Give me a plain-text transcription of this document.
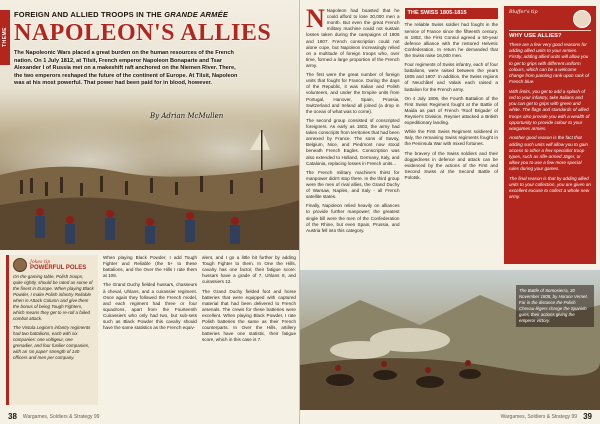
THEME
FOREIGN AND ALLIED TROOPS IN THE GRANDE ARMÉE
NAPOLEON'S ALLIES
The Napoleonic Wars placed a great burden on the human resources of the French nation. On 1 July 1812, at Tilsit, French emperor Napoleon Bonaparte and Tsar Alexander I of Russia met on a makeshift raft anchored on the Niemen River. There, the two emperors reshaped the future of the continent of Europe. At Tilsit, Napoleon was at his most powerful. That power had been paid for in blood, however.
By Adrian McMullen
Jokes tip
POWERFUL POLES

On the gaming table, Polish troops, quite rightly, should be rated as some of the finest in Europe. When playing Black Powder, I make Polish infantry Reliable when in Attack Column and give them the bonus of being Tough Fighters, which means they get to re-roll a failed combat attack.

The Vistula Legion's infantry regiments had two battalions, each with six companies: one voltigeur, one grenadier, and four fusilier companies, with an 'on paper' strength of 140 officers and men per company.

When playing Black Powder, I add Tough Fighter and Reliable (the 5+ to these battalions, and the Over the Hills I rate them at 108.

The Grand Duchy fielded hussars, chasseurs à cheval, Uhlans, and a cuirassier regiment. Once again they followed the French model, and each regiment had three or four squadrons, apart from the Fourteenth Cuirassiers who only had two, but sub-sets such as Black Powder this cavalry should have the same statistics as the French equiv-

alent, and I go a little bit further by adding Tough Fighter to them. In One the Hills, cavalry has one factor, their fatigue score: hussars have a grade of 7, Uhlans 8, and cuirassiers 12.

The Grand Duchy fielded foot and horse batteries that were equipped with captured material that had been delivered to French arsenals. The crews for these batteries were excellent. When playing Black Powder, I rate Polish batteries the same as their French counterparts. In Over the Hills, artillery batteries have one statistic, their fatigue score, which in this case is 7.

38 Wargames, Soldiers & Strategy 99

N Napoleon had boasted that he could afford to lose 30,000 men a month. But even the great French military machine could not sustain losses taken during the campaigns of 1806 and 1807. French conscription could not alone cope, but Napoleon increasingly relied on a multitude of foreign troops who, over time, formed a large proportion of the French army.

The first were the great number of foreign units that fought for France. During the days of the Republic, it was Italian and Polish volunteers, and under the Empire units from Portugal, Hanover, Spain, Prussia, Switzerland and Ireland all joined (a drop in the ocean of what was to come).

The second group consisted of conscripted foreigners. As early as 1803, the army had taken conscripts from territories that had been annexed by France. The sons of Savoy, Belgium, Nice, and Piedmont now stood beneath French Eagles. Conscription was also extended to Holland, Germany, Italy, and Catalonia, replacing losses in French units...

The French military machine's thirst for manpower didn't stop there. In the third group were the men of rival allies, the Grand Duchy of Warsaw, Naples, and Italy - all French satellite states.

Finally, Napoleon relied heavily on alliances to provide further manpower; the greatest single bill were the men of the Confederation of the Rhine, but even Spain, Prussia, and Austria fell into this category.

THE SWISS 1805-1815

The reliable Swiss soldier had fought in the service of France since the fifteenth century. In 1802, the First Consul agreed a 50-year defence alliance with the restored Helvetic Confederation. In return he demanded that the Swiss raise 16,000 men.

Four regiments of Swiss infantry, each of four battalions, were raised between the years 1805 and 1807. In addition, the Swiss regions of Neuchâtel and Valais each raised a battalion for the French army.

On 4 July 1806, the Fourth Battalion of the First Swiss Regiment fought at the Battle of Maida as part of French 'Roof Brigade' of Reynier's Division. Reynier attacked a British expeditionary landing.

While the First Swiss Regiment soldiered in Italy, the remaining Swiss regiments fought in the Peninsula War with mixed fortunes.

The bravery of the Swiss soldiers and their doggedness in defence and attack can be evidenced by the actions of the First and Second Swiss at the Second Battle of Polotsk.

Bluffer's tip
WHY USE ALLIES?

There are a few very good reasons for adding allied units to your armies. Firstly, adding allied units will allow you to get to grips with different uniform colours, which can be a welcome change from painting rank upon rank of French blue.

With limits, you get to add a splash of red to your infantry, take Italians and you can get to grips with green and white. The flags and standards of allied troops also provide you with a wealth of opportunity to provide colour to your wargames armies.

Another good reason is the fact that adding such units will allow you to gain access to other a few specialist troop types, such as rifle-armed Jäger, or allow you to use a few more special rules during your games.

The final reason is that by adding allied units to your collection, you are given an excellent excuse to collect a whole new army.

The Battle of Somosierra, 30 November 1808, by Horace Vernet. Far in the distance the Polish Chevau-légers charge the Spanish guns, their actions giving the emperor victory.
Wargames, Soldiers & Strategy 99 39
